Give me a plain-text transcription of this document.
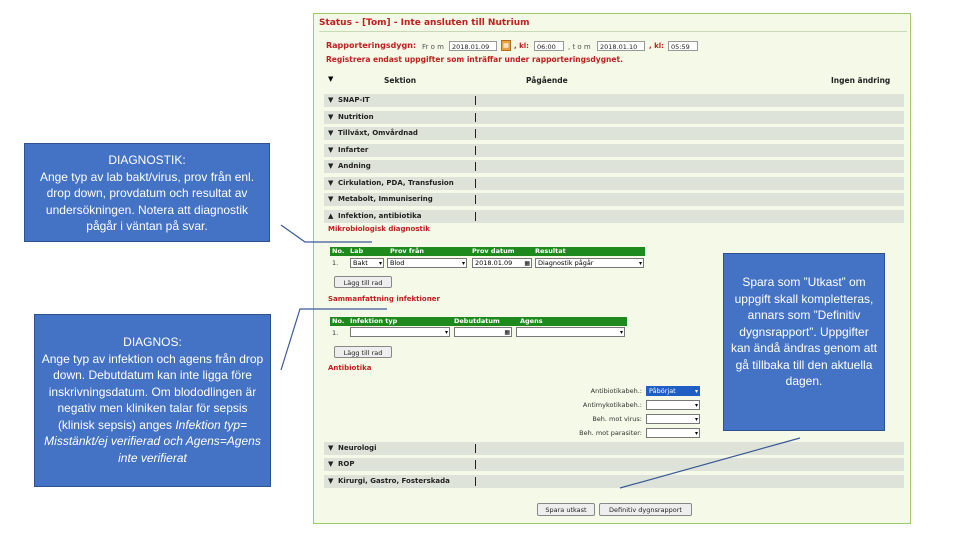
Status - [Tom] - Inte ansluten till Nutrium
Rapporteringsdygn: Fr o m	2018.01.09	▦ , kl:	06:00	, t o m	2018.01.10	, kl:	05:59
Registrera endast uppgifter som inträffar under rapporteringsdygnet.
▼	Sektion	Pågående	Ingen ändring
▼ SNAP-IT
▼ Nutrition
▼ Tillväxt, Omvårdnad
▼ Infarter
▼ Andning
▼ Cirkulation, PDA, Transfusion
▼ Metabolt, Immunisering
▲ Infektion, antibiotika
Mikrobiologisk diagnostik
No. Lab	Prov från	Prov datum	Resultat
1.	Bakt ▾	Blod	▾	2018.01.09 ▦	Diagnostik pågår	▾
Lägg till rad
Sammanfattning infektioner
No. Infektion typ	Debutdatum	Agens
1.	▾	▦	▾
Lägg till rad
Antibiotika
Antibiotikabeh.:	Påbörjat	▾
Antimykotikabeh.:	▾
Beh. mot virus:	▾
Beh. mot parasiter:	▾
▼ Neurologi
▼ ROP
▼ Kirurgi, Gastro, Fosterskada
Spara utkast	Definitiv dygnsrapport
DIAGNOSTIK:
Ange typ av lab bakt/virus, prov från enl. drop down, provdatum och resultat av undersökningen. Notera att diagnostik pågår i väntan på svar.
DIAGNOS:
Ange typ av infektion och agens från drop down. Debutdatum kan inte ligga före inskrivningsdatum. Om blododlingen är negativ men kliniken talar för sepsis (klinisk sepsis) anges Infektion typ= Misstänkt/ej verifierad och Agens=Agens inte verifierat
Spara som ”Utkast” om uppgift skall kompletteras, annars som ”Definitiv dygnsrapport”. Uppgifter kan ändå ändras genom att gå tillbaka till den aktuella dagen.
